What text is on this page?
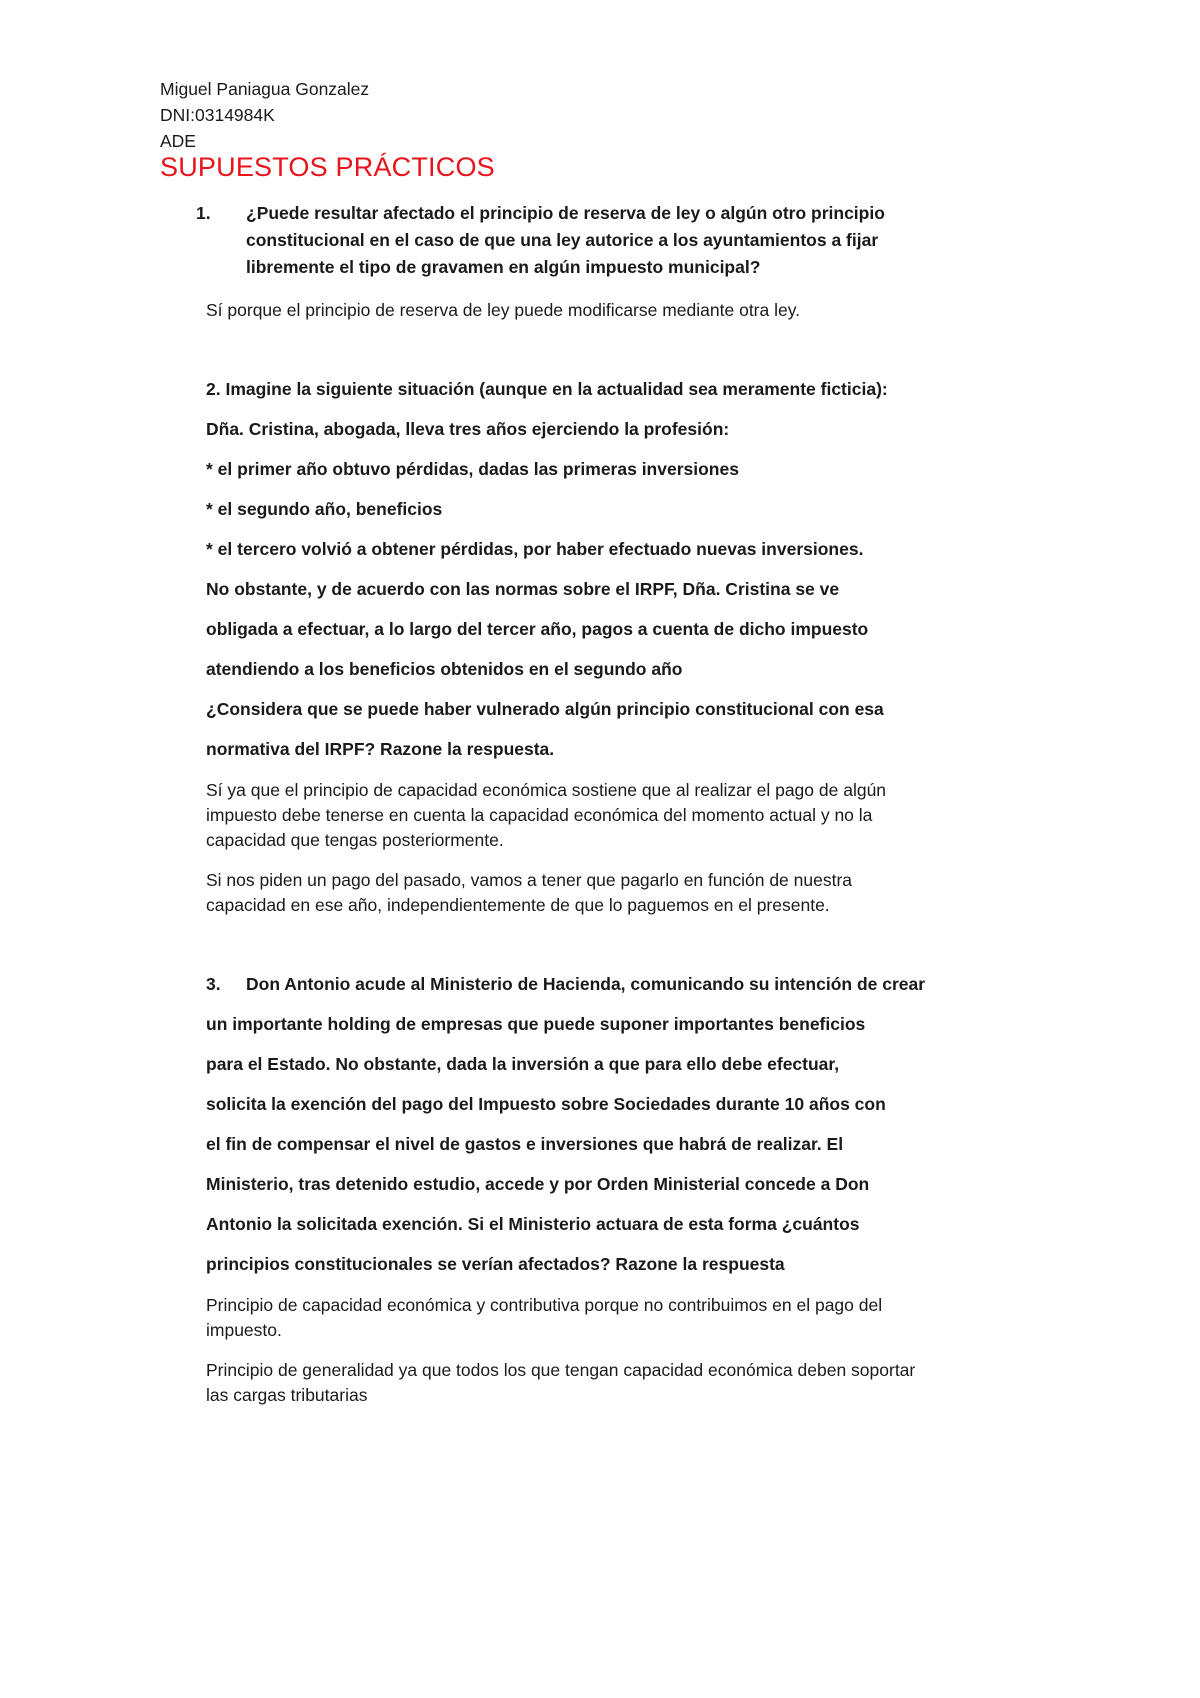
Miguel Paniagua Gonzalez
DNI:0314984K
ADE
SUPUESTOS PRÁCTICOS
1. ¿Puede resultar afectado el principio de reserva de ley o algún otro principio
constitucional en el caso de que una ley autorice a los ayuntamientos a fijar
libremente el tipo de gravamen en algún impuesto municipal?
Sí porque el principio de reserva de ley puede modificarse mediante otra ley.
2. Imagine la siguiente situación (aunque en la actualidad sea meramente ficticia):
Dña. Cristina, abogada, lleva tres años ejerciendo la profesión:
* el primer año obtuvo pérdidas, dadas las primeras inversiones
* el segundo año, beneficios
* el tercero volvió a obtener pérdidas, por haber efectuado nuevas inversiones.
No obstante, y de acuerdo con las normas sobre el IRPF, Dña. Cristina se ve
obligada a efectuar, a lo largo del tercer año, pagos a cuenta de dicho impuesto
atendiendo a los beneficios obtenidos en el segundo año
¿Considera que se puede haber vulnerado algún principio constitucional con esa
normativa del IRPF? Razone la respuesta.
Sí ya que el principio de capacidad económica sostiene que al realizar el pago de algún
impuesto debe tenerse en cuenta la capacidad económica del momento actual y no la
capacidad que tengas posteriormente.
Si nos piden un pago del pasado, vamos a tener que pagarlo en función de nuestra
capacidad en ese año, independientemente de que lo paguemos en el presente.
3. Don Antonio acude al Ministerio de Hacienda, comunicando su intención de crear
un importante holding de empresas que puede suponer importantes beneficios
para el Estado. No obstante, dada la inversión a que para ello debe efectuar,
solicita la exención del pago del Impuesto sobre Sociedades durante 10 años con
el fin de compensar el nivel de gastos e inversiones que habrá de realizar. El
Ministerio, tras detenido estudio, accede y por Orden Ministerial concede a Don
Antonio la solicitada exención. Si el Ministerio actuara de esta forma ¿cuántos
principios constitucionales se verían afectados? Razone la respuesta
Principio de capacidad económica y contributiva porque no contribuimos en el pago del
impuesto.
Principio de generalidad ya que todos los que tengan capacidad económica deben soportar
las cargas tributarias
